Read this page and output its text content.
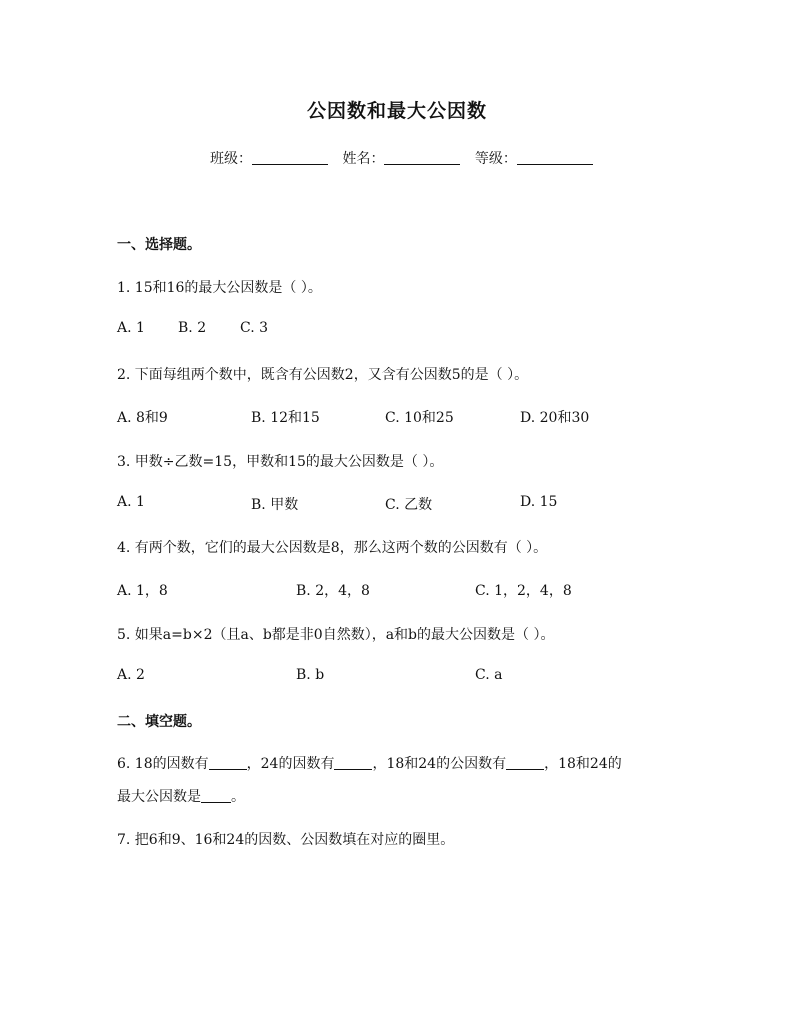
公因数和最大公因数
班级：	姓名：	等级：
一、选择题。
1. 15和16的最大公因数是（ ）。
A. 1 B. 2 C. 3
2. 下面每组两个数中，既含有公因数2，又含有公因数5的是（ ）。
A. 8和9	B. 12和15	C. 10和25	D. 20和30
3. 甲数÷乙数=15，甲数和15的最大公因数是（ ）。
A. 1	B. 甲数	C. 乙数	D. 15
4. 有两个数，它们的最大公因数是8，那么这两个数的公因数有（ ）。
A. 1，8	B. 2，4，8	C. 1，2，4，8
5. 如果a=b×2（且a、b都是非0自然数），a和b的最大公因数是（ ）。
A. 2	B. b	C. a
二、填空题。
6. 18的因数有	，24的因数有	，18和24的公因数有	，18和24的
最大公因数是 。
7. 把6和9、16和24的因数、公因数填在对应的圈里。
